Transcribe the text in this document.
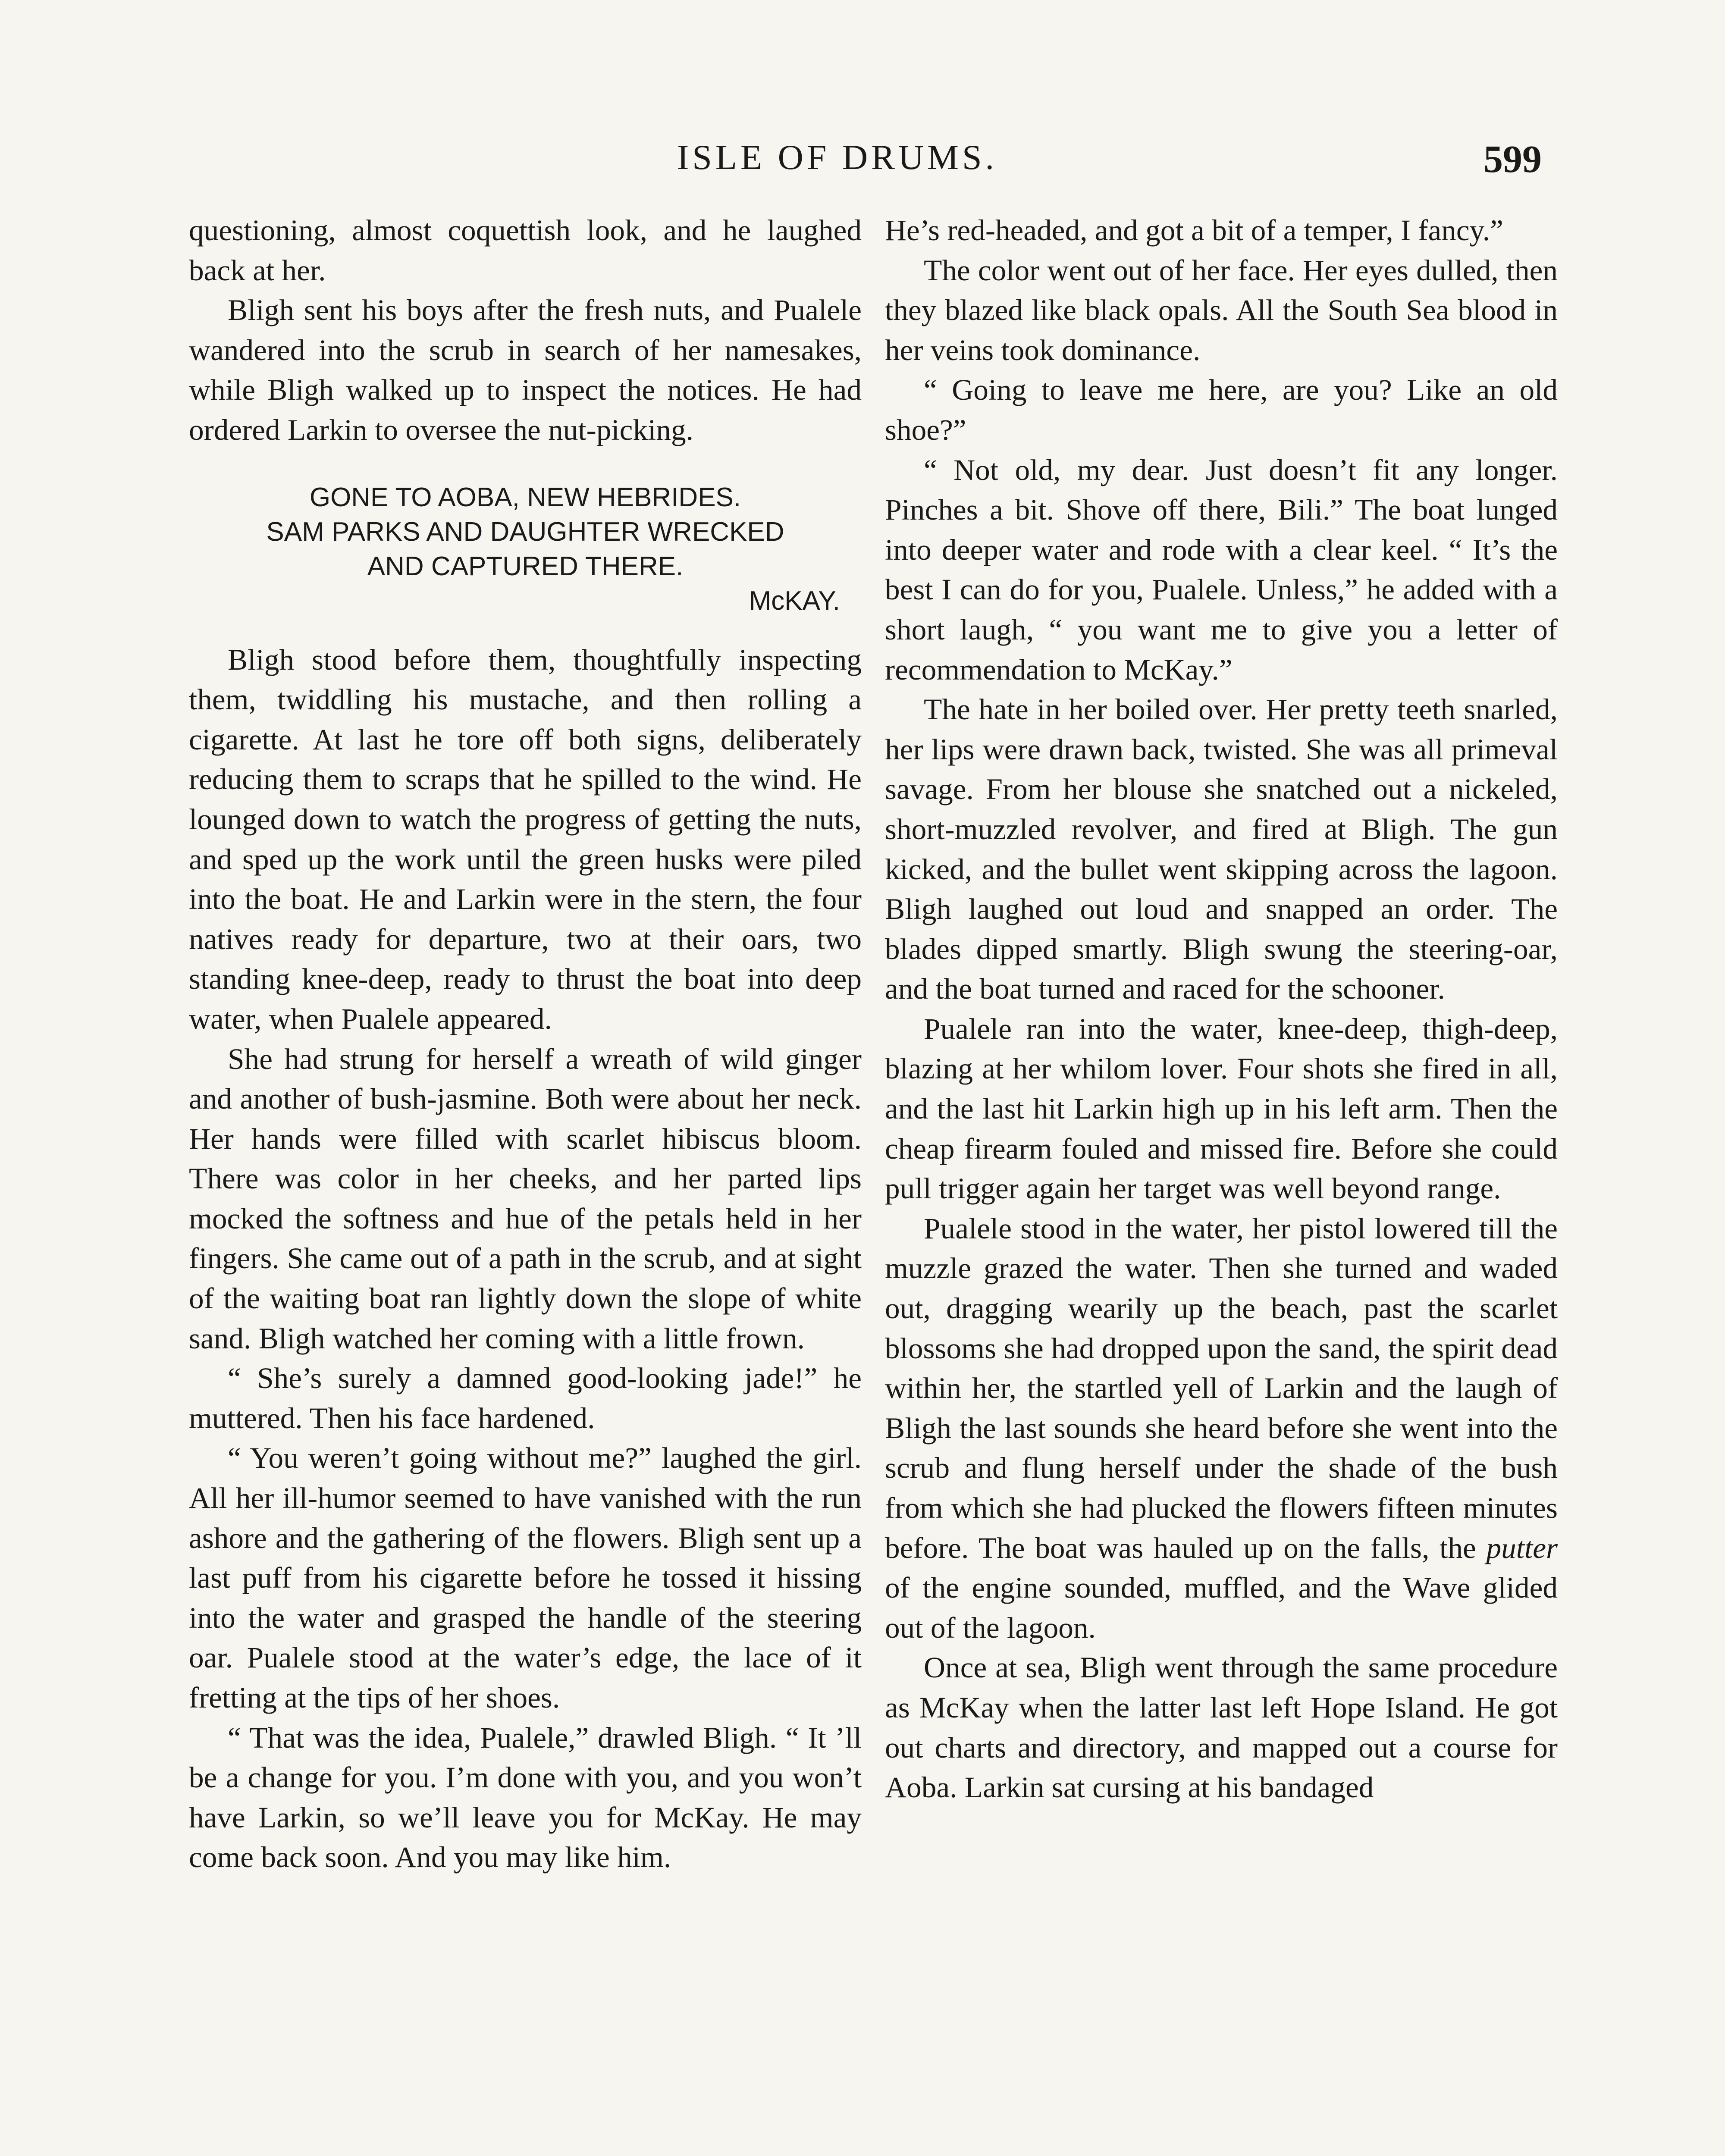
ISLE OF DRUMS.	599

questioning, almost coquettish look, and he laughed back at her.

Bligh sent his boys after the fresh nuts, and Pualele wandered into the scrub in search of her namesakes, while Bligh walked up to inspect the notices. He had ordered Larkin to oversee the nut-picking.

GONE TO AOBA, NEW HEBRIDES.
SAM PARKS AND DAUGHTER WRECKED
AND CAPTURED THERE.
McKAY.

Bligh stood before them, thoughtfully inspecting them, twiddling his mustache, and then rolling a cigarette. At last he tore off both signs, deliberately reducing them to scraps that he spilled to the wind. He lounged down to watch the progress of getting the nuts, and sped up the work until the green husks were piled into the boat. He and Larkin were in the stern, the four natives ready for departure, two at their oars, two standing knee-deep, ready to thrust the boat into deep water, when Pualele appeared.

She had strung for herself a wreath of wild ginger and another of bush-jasmine. Both were about her neck. Her hands were filled with scarlet hibiscus bloom. There was color in her cheeks, and her parted lips mocked the softness and hue of the petals held in her fingers. She came out of a path in the scrub, and at sight of the waiting boat ran lightly down the slope of white sand. Bligh watched her coming with a little frown.

“ She’s surely a damned good-looking jade!” he muttered. Then his face hardened.

“ You weren’t going without me?” laughed the girl. All her ill-humor seemed to have vanished with the run ashore and the gathering of the flowers. Bligh sent up a last puff from his cigarette before he tossed it hissing into the water and grasped the handle of the steering oar. Pualele stood at the water’s edge, the lace of it fretting at the tips of her shoes.

“ That was the idea, Pualele,” drawled Bligh. “ It ’ll be a change for you. I’m done with you, and you won’t have Larkin, so we’ll leave you for McKay. He may come back soon. And you may like him.

He’s red-headed, and got a bit of a temper, I fancy.”

The color went out of her face. Her eyes dulled, then they blazed like black opals. All the South Sea blood in her veins took dominance.

“ Going to leave me here, are you? Like an old shoe?”

“ Not old, my dear. Just doesn’t fit any longer. Pinches a bit. Shove off there, Bili.” The boat lunged into deeper water and rode with a clear keel. “ It’s the best I can do for you, Pualele. Unless,” he added with a short laugh, “ you want me to give you a letter of recommendation to McKay.”

The hate in her boiled over. Her pretty teeth snarled, her lips were drawn back, twisted. She was all primeval savage. From her blouse she snatched out a nickeled, short-muzzled revolver, and fired at Bligh. The gun kicked, and the bullet went skipping across the lagoon. Bligh laughed out loud and snapped an order. The blades dipped smartly. Bligh swung the steering-oar, and the boat turned and raced for the schooner.

Pualele ran into the water, knee-deep, thigh-deep, blazing at her whilom lover. Four shots she fired in all, and the last hit Larkin high up in his left arm. Then the cheap firearm fouled and missed fire. Before she could pull trigger again her target was well beyond range.

Pualele stood in the water, her pistol lowered till the muzzle grazed the water. Then she turned and waded out, dragging wearily up the beach, past the scarlet blossoms she had dropped upon the sand, the spirit dead within her, the startled yell of Larkin and the laugh of Bligh the last sounds she heard before she went into the scrub and flung herself under the shade of the bush from which she had plucked the flowers fifteen minutes before. The boat was hauled up on the falls, the putter of the engine sounded, muffled, and the Wave glided out of the lagoon.

Once at sea, Bligh went through the same procedure as McKay when the latter last left Hope Island. He got out charts and directory, and mapped out a course for Aoba. Larkin sat cursing at his bandaged
